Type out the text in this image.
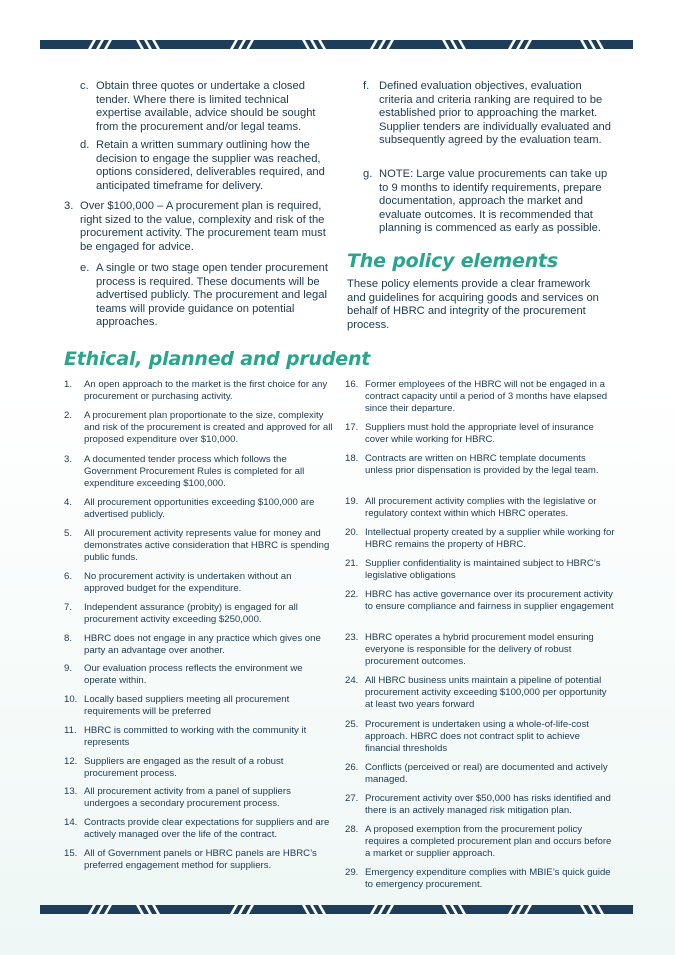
c. Obtain three quotes or undertake a closed tender. Where there is limited technical expertise available, advice should be sought from the procurement and/or legal teams.
d. Retain a written summary outlining how the decision to engage the supplier was reached, options considered, deliverables required, and anticipated timeframe for delivery.
3. Over $100,000 – A procurement plan is required, right sized to the value, complexity and risk of the procurement activity. The procurement team must be engaged for advice.
e. A single or two stage open tender procurement process is required. These documents will be advertised publicly. The procurement and legal teams will provide guidance on potential approaches.
f. Defined evaluation objectives, evaluation criteria and criteria ranking are required to be established prior to approaching the market. Supplier tenders are individually evaluated and subsequently agreed by the evaluation team.
g. NOTE: Large value procurements can take up to 9 months to identify requirements, prepare documentation, approach the market and evaluate outcomes. It is recommended that planning is commenced as early as possible.
The policy elements
These policy elements provide a clear framework and guidelines for acquiring goods and services on behalf of HBRC and integrity of the procurement process.
Ethical, planned and prudent
1. An open approach to the market is the first choice for any procurement or purchasing activity.
2. A procurement plan proportionate to the size, complexity and risk of the procurement is created and approved for all proposed expenditure over $10,000.
3. A documented tender process which follows the Government Procurement Rules is completed for all expenditure exceeding $100,000.
4. All procurement opportunities exceeding $100,000 are advertised publicly.
5. All procurement activity represents value for money and demonstrates active consideration that HBRC is spending public funds.
6. No procurement activity is undertaken without an approved budget for the expenditure.
7. Independent assurance (probity) is engaged for all procurement activity exceeding $250,000.
8. HBRC does not engage in any practice which gives one party an advantage over another.
9. Our evaluation process reflects the environment we operate within.
10. Locally based suppliers meeting all procurement requirements will be preferred
11. HBRC is committed to working with the community it represents
12. Suppliers are engaged as the result of a robust procurement process.
13. All procurement activity from a panel of suppliers undergoes a secondary procurement process.
14. Contracts provide clear expectations for suppliers and are actively managed over the life of the contract.
15. All of Government panels or HBRC panels are HBRC’s preferred engagement method for suppliers.
16. Former employees of the HBRC will not be engaged in a contract capacity until a period of 3 months have elapsed since their departure.
17. Suppliers must hold the appropriate level of insurance cover while working for HBRC.
18. Contracts are written on HBRC template documents unless prior dispensation is provided by the legal team.
19. All procurement activity complies with the legislative or regulatory context within which HBRC operates.
20. Intellectual property created by a supplier while working for HBRC remains the property of HBRC.
21. Supplier confidentiality is maintained subject to HBRC’s legislative obligations
22. HBRC has active governance over its procurement activity to ensure compliance and fairness in supplier engagement
23. HBRC operates a hybrid procurement model ensuring everyone is responsible for the delivery of robust procurement outcomes.
24. All HBRC business units maintain a pipeline of potential procurement activity exceeding $100,000 per opportunity at least two years forward
25. Procurement is undertaken using a whole-of-life-cost approach. HBRC does not contract split to achieve financial thresholds
26. Conflicts (perceived or real) are documented and actively managed.
27. Procurement activity over $50,000 has risks identified and there is an actively managed risk mitigation plan.
28. A proposed exemption from the procurement policy requires a completed procurement plan and occurs before a market or supplier approach.
29. Emergency expenditure complies with MBIE’s quick guide to emergency procurement.
